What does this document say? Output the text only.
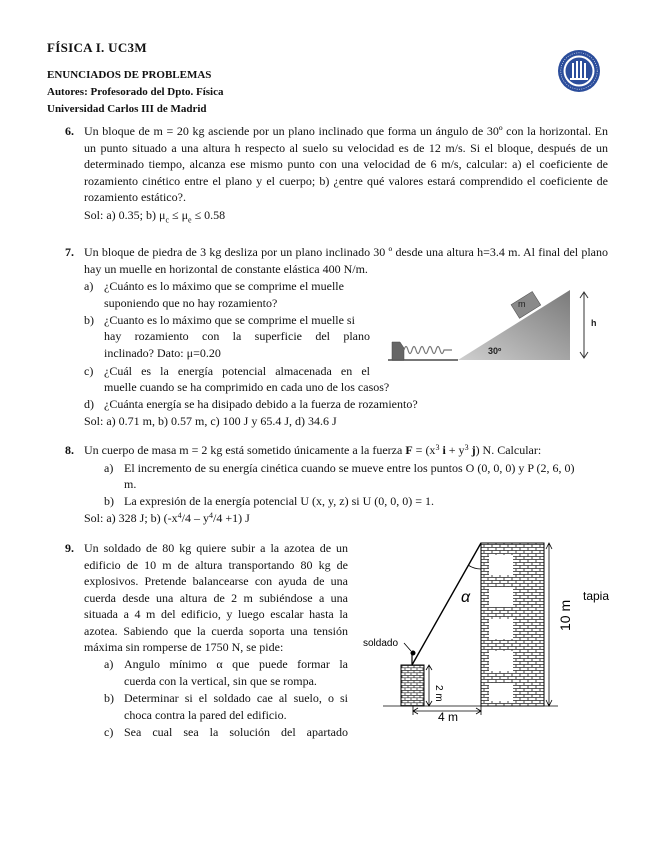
FÍSICA I. UC3M
ENUNCIADOS DE PROBLEMAS
Autores: Profesorado del Dpto. Física
Universidad Carlos III de Madrid
6. Un bloque de m = 20 kg asciende por un plano inclinado que forma un ángulo de 30º con la horizontal. En un punto situado a una altura h respecto al suelo su velocidad es de 12 m/s. Si el bloque, después de un determinado tiempo, alcanza ese mismo punto con una velocidad de 6 m/s, calcular: a) el coeficiente de rozamiento cinético entre el plano y el cuerpo; b) ¿entre qué valores estará comprendido el coeficiente de rozamiento estático?.
Sol: a) 0.35; b) $\mu_c \le \mu_e \le 0.58$
7. Un bloque de piedra de 3 kg desliza por un plano inclinado 30 º desde una altura h=3.4 m. Al final del plano hay un muelle en horizontal de constante elástica 400 N/m.
a) ¿Cuánto es lo máximo que se comprime el muelle
suponiendo que no hay rozamiento?
b) ¿Cuanto es lo máximo que se comprime el muelle si
hay rozamiento con la superficie del plano
inclinado? Dato: μ=0.20
c) ¿Cuál es la energía potencial almacenada en el
muelle cuando se ha comprimido en cada uno de los casos?
d) ¿Cuánta energía se ha disipado debido a la fuerza de rozamiento?
Sol: a) 0.71 m, b) 0.57 m, c) 100 J y 65.4 J, d) 34.6 J
m
30º
h
8. Un cuerpo de masa m = 2 kg está sometido únicamente a la fuerza $F = (x^3$ $i + y^3$ j) N. Calcular:
a) El incremento de su energía cinética cuando se mueve entre los puntos O (0, 0, 0) y P (2, 6, 0)
m.
b) La expresión de la energía potencial U (x, y, z) si U (0, 0, 0) = 1.
Sol: a) 328 J; b) $(-x^4/4 - y^4/4 +1)$ J
9. Un soldado de 80 kg quiere subir a la azotea de un
edificio de 10 m de altura transportando 80 kg de
explosivos. Pretende balancearse con ayuda de una
cuerda desde una altura de 2 m subiéndose a una
situada a 4 m del edificio, y luego escalar hasta la
azotea. Sabiendo que la cuerda soporta una tensión
máxima sin romperse de 1750 N, se pide:
a) Angulo mínimo α que puede formar la
cuerda con la vertical, sin que se rompa.
b) Determinar si el soldado cae al suelo, o si
choca contra la pared del edificio.
c) Sea cual sea la solución del apartado
α
soldado
2 m
4 m
10 m
tapia
